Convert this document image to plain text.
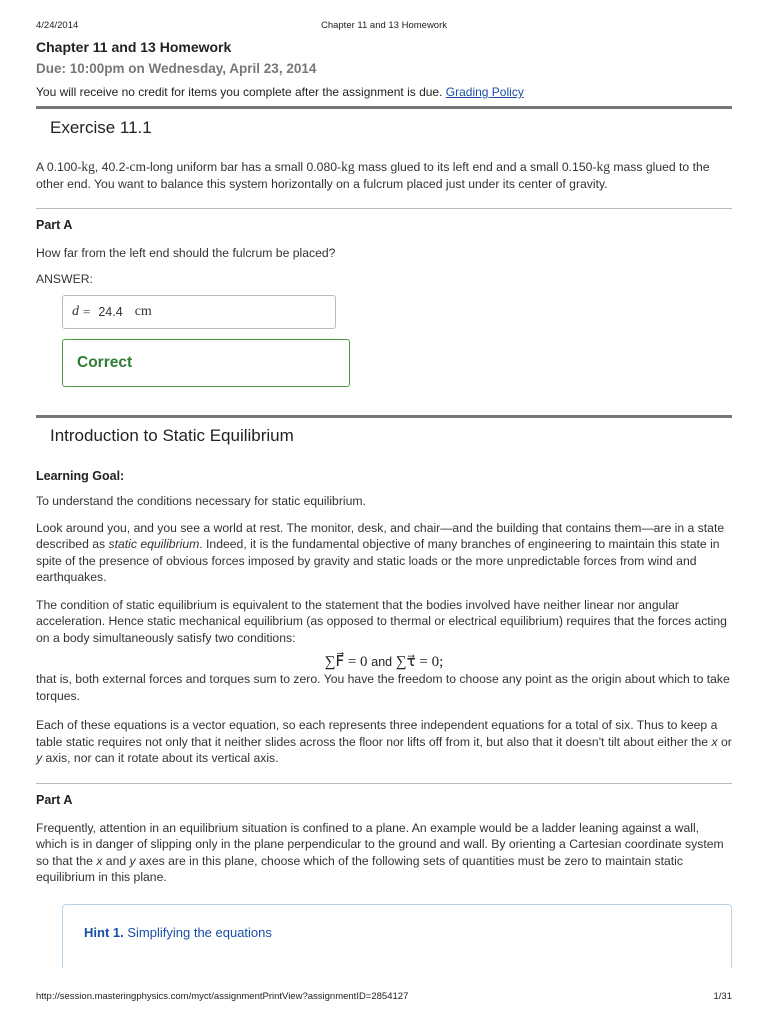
4/24/2014	Chapter 11 and 13 Homework
Chapter 11 and 13 Homework
Due: 10:00pm on Wednesday, April 23, 2014
You will receive no credit for items you complete after the assignment is due. Grading Policy
Exercise 11.1

A 0.100-kg, 40.2-cm-long uniform bar has a small 0.080-kg mass glued to its left end and a small 0.150-kg mass glued to the other end. You want to balance this system horizontally on a fulcrum placed just under its center of gravity.

Part A

How far from the left end should the fulcrum be placed?

ANSWER:

d = 24.4 cm
Correct
Introduction to Static Equilibrium
Learning Goal:

To understand the conditions necessary for static equilibrium.

Look around you, and you see a world at rest. The monitor, desk, and chair—and the building that contains them—are in a state described as static equilibrium. Indeed, it is the fundamental objective of many branches of engineering to maintain this state in spite of the presence of obvious forces imposed by gravity and static loads or the more unpredictable forces from wind and earthquakes.

The condition of static equilibrium is equivalent to the statement that the bodies involved have neither linear nor angular acceleration. Hence static mechanical equilibrium (as opposed to thermal or electrical equilibrium) requires that the forces acting on a body simultaneously satisfy two conditions:

∑F⃗ = 0 and ∑τ⃗ = 0;

that is, both external forces and torques sum to zero. You have the freedom to choose any point as the origin about which to take torques.

Each of these equations is a vector equation, so each represents three independent equations for a total of six. Thus to keep a table static requires not only that it neither slides across the floor nor lifts off from it, but also that it doesn't tilt about either the x or y axis, nor can it rotate about its vertical axis.

Part A

Frequently, attention in an equilibrium situation is confined to a plane. An example would be a ladder leaning against a wall, which is in danger of slipping only in the plane perpendicular to the ground and wall. By orienting a Cartesian coordinate system so that the x and y axes are in this plane, choose which of the following sets of quantities must be zero to maintain static equilibrium in this plane.

Hint 1. Simplifying the equations
http://session.masteringphysics.com/myct/assignmentPrintView?assignmentID=2854127	1/31
